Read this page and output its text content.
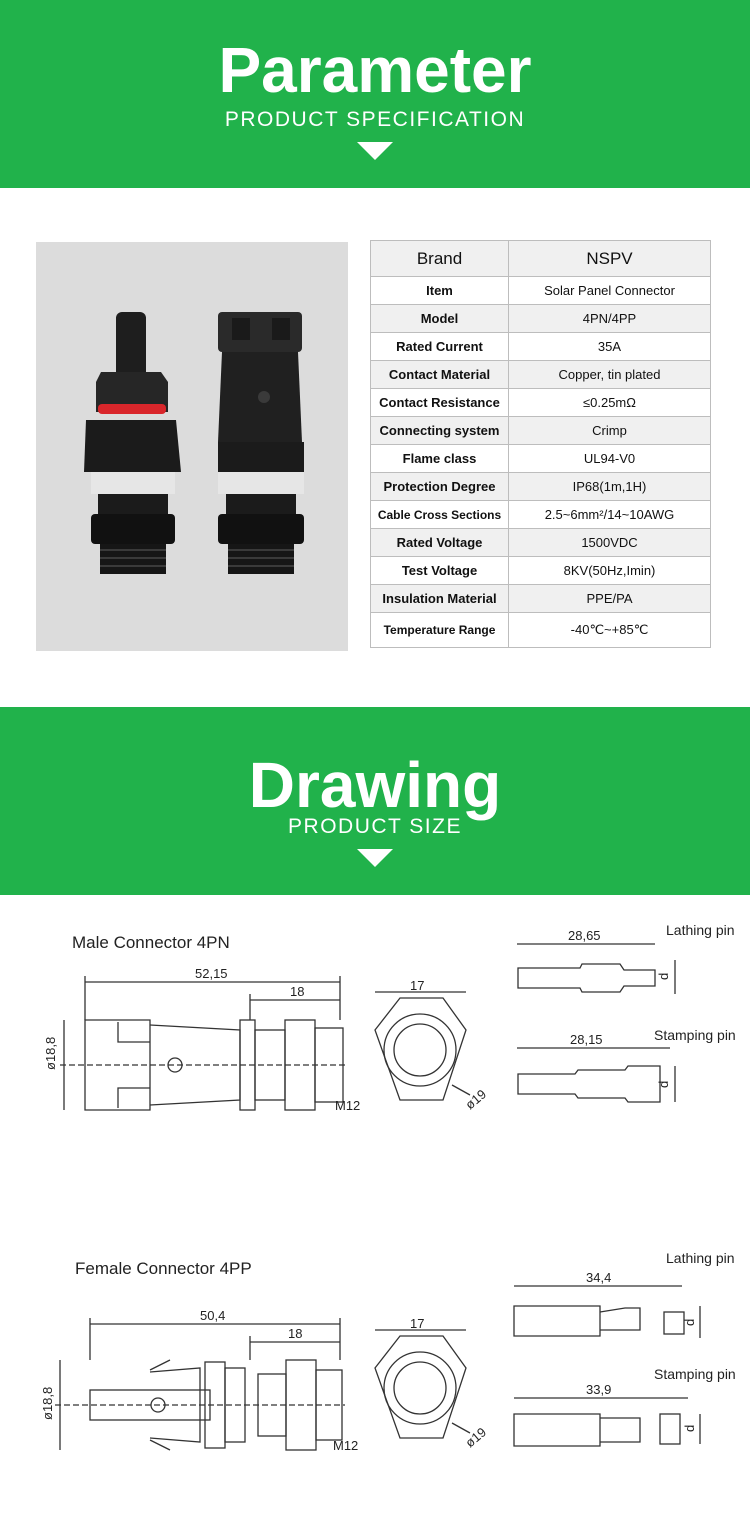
Parameter
PRODUCT SPECIFICATION
Brand	NSPV
Item	Solar Panel Connector
Model	4PN/4PP
Rated Current	35A
Contact Material	Copper, tin plated
Contact Resistance	≤0.25mΩ
Connecting system	Crimp
Flame class	UL94-V0
Protection Degree	IP68(1m,1H)
Cable Cross Sections	2.5~6mm²/14~10AWG
Rated Voltage	1500VDC
Test Voltage	8KV(50Hz,Imin)
Insulation Material	PPE/PA
Temperature Range	-40℃~+85℃
Drawing
PRODUCT SIZE
Male Connector 4PN
Lathing pin
Stamping pin
52,15
18
ø18,8
M12
17
ø19
28,65
28,15
d
d
Female Connector 4PP
Lathing pin
Stamping pin
50,4
18
ø18,8
M12
17
ø19
34,4
33,9
d
d
